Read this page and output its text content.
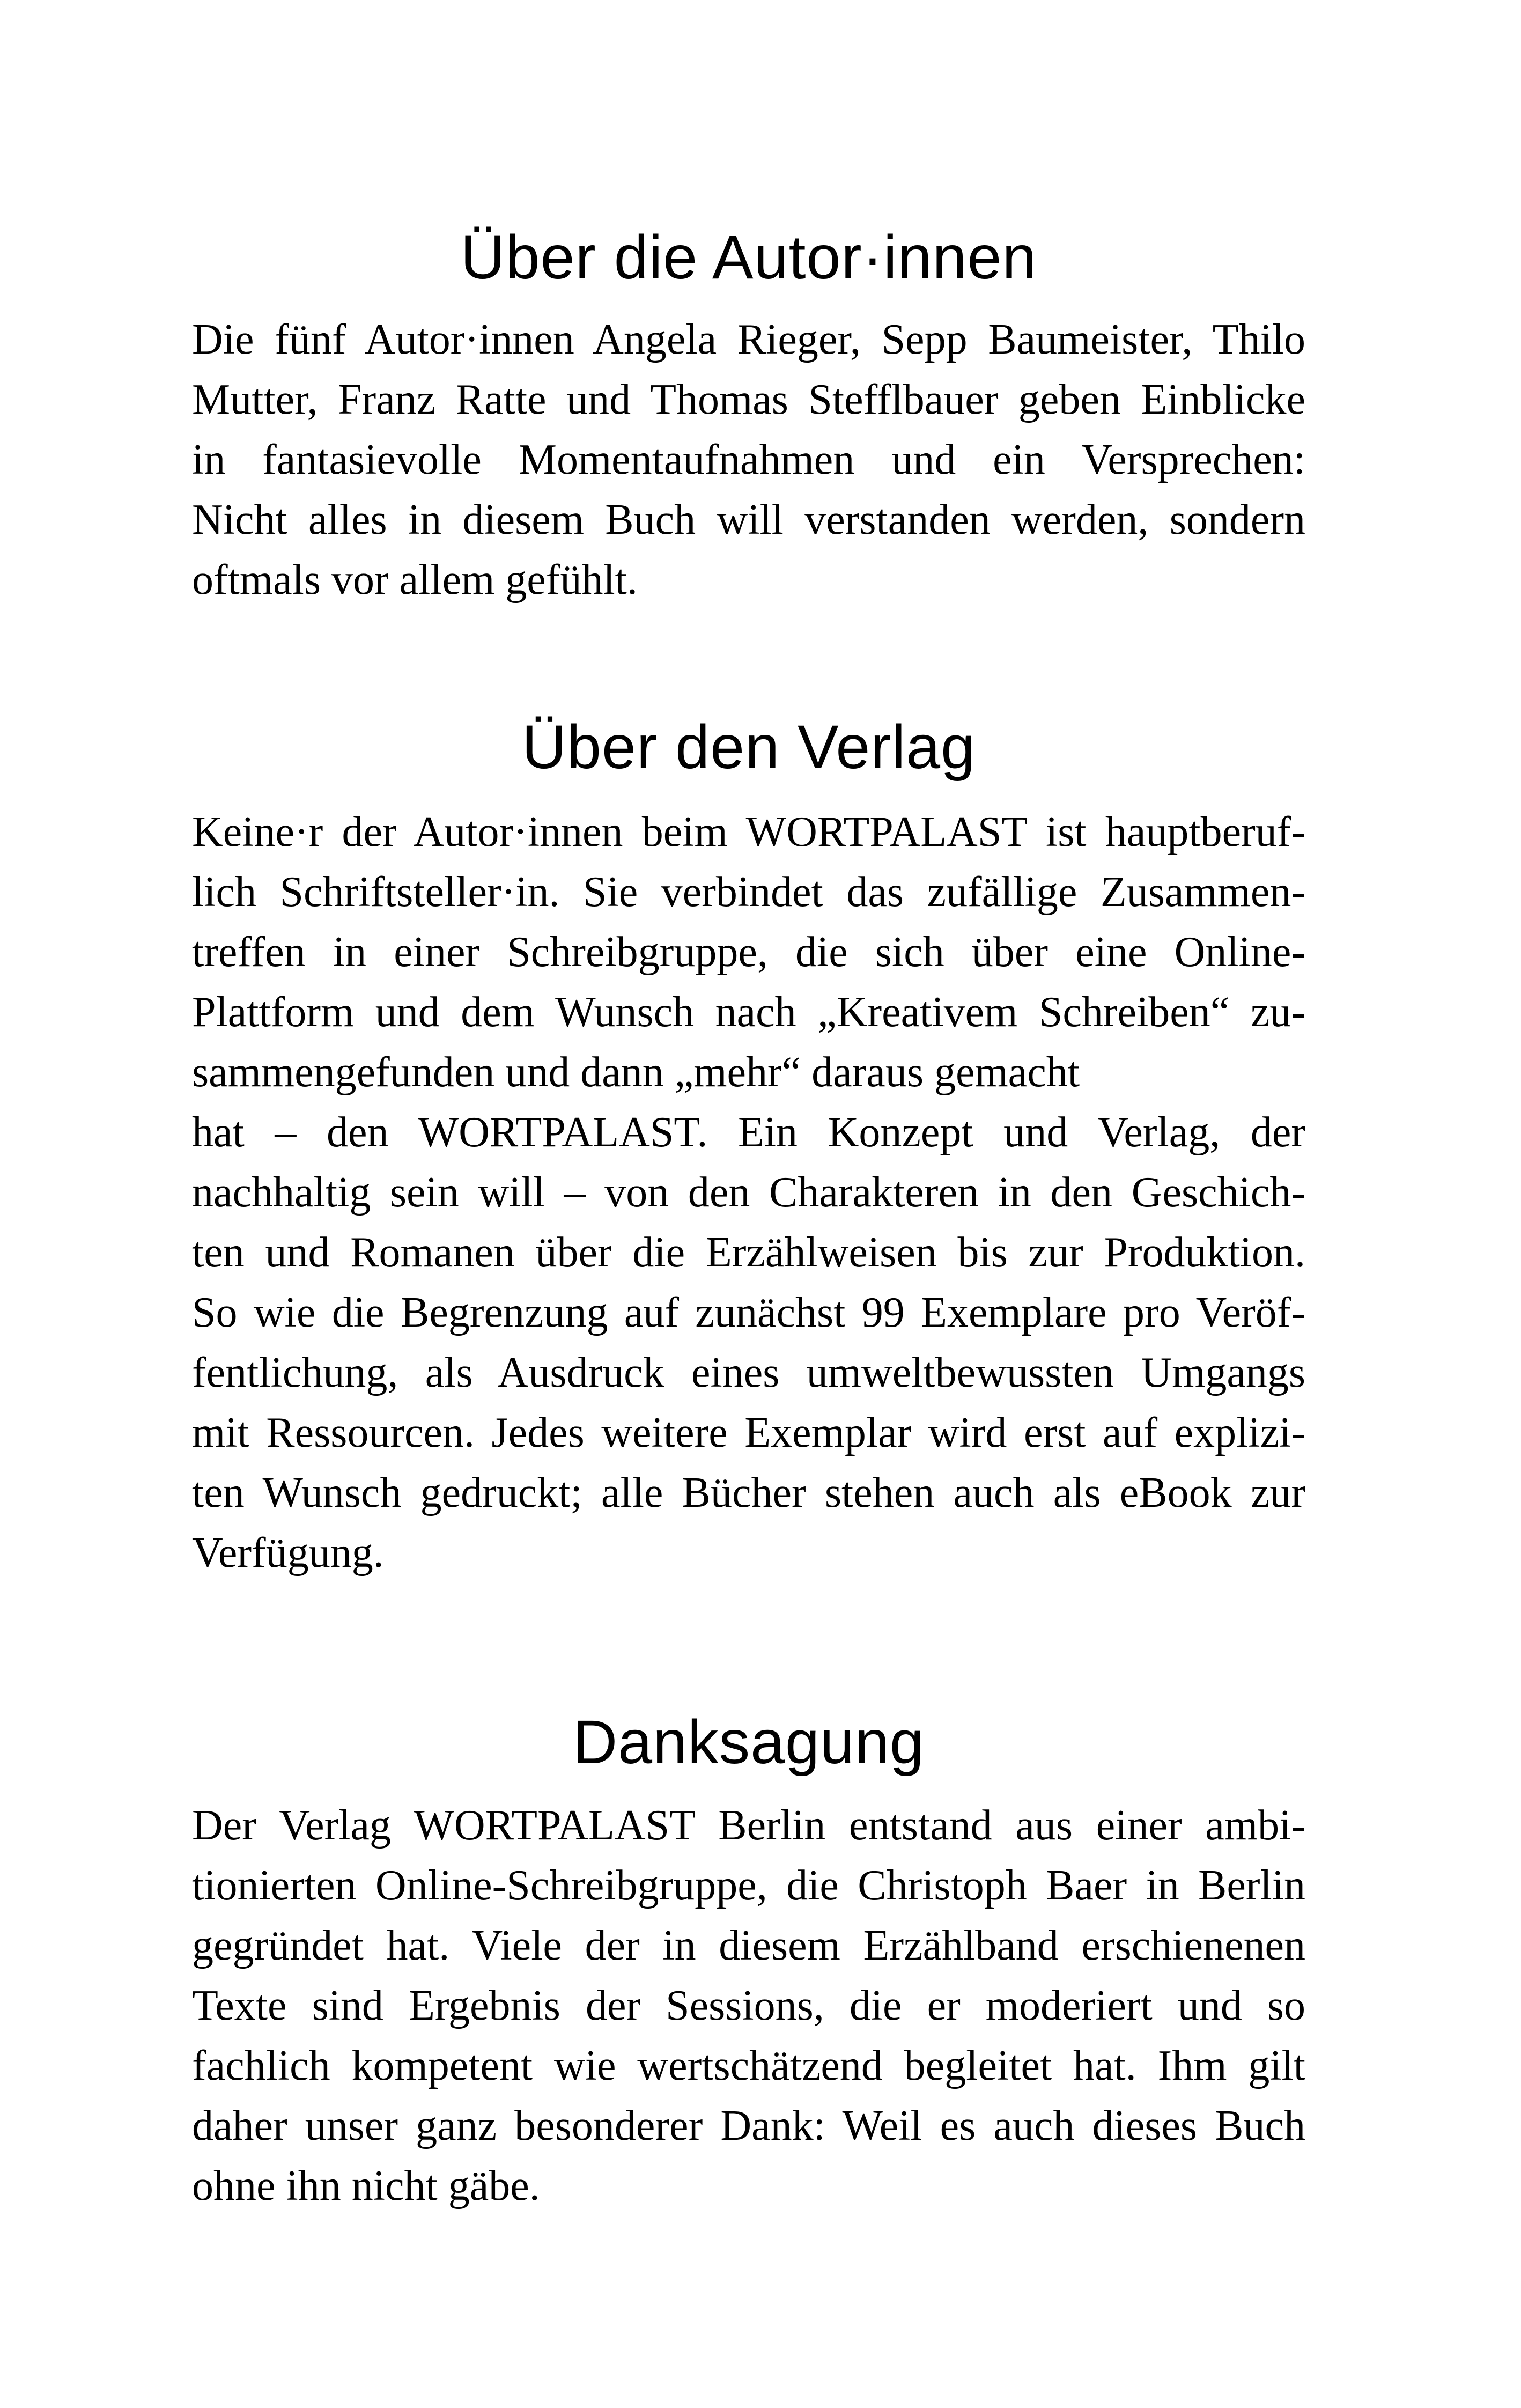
Über die Autor·innen
Die fünf Autor·innen Angela Rieger, Sepp Baumeister, Thilo
Mutter, Franz Ratte und Thomas Stefflbauer geben Einblicke
in fantasievolle Momentaufnahmen und ein Versprechen:
Nicht alles in diesem Buch will verstanden werden, sondern
oftmals vor allem gefühlt.
Über den Verlag
Keine·r der Autor·innen beim WORTPALAST ist hauptberuf-
lich Schriftsteller·in. Sie verbindet das zufällige Zusammen-
treffen in einer Schreibgruppe, die sich über eine Online-
Plattform und dem Wunsch nach „Kreativem Schreiben“ zu-
sammengefunden und dann „mehr“ daraus gemacht
hat – den WORTPALAST. Ein Konzept und Verlag, der
nachhaltig sein will – von den Charakteren in den Geschich-
ten und Romanen über die Erzählweisen bis zur Produktion.
So wie die Begrenzung auf zunächst 99 Exemplare pro Veröf-
fentlichung, als Ausdruck eines umweltbewussten Umgangs
mit Ressourcen. Jedes weitere Exemplar wird erst auf explizi-
ten Wunsch gedruckt; alle Bücher stehen auch als eBook zur
Verfügung.
Danksagung
Der Verlag WORTPALAST Berlin entstand aus einer ambi-
tionierten Online-Schreibgruppe, die Christoph Baer in Berlin
gegründet hat. Viele der in diesem Erzählband erschienenen
Texte sind Ergebnis der Sessions, die er moderiert und so
fachlich kompetent wie wertschätzend begleitet hat. Ihm gilt
daher unser ganz besonderer Dank: Weil es auch dieses Buch
ohne ihn nicht gäbe.
